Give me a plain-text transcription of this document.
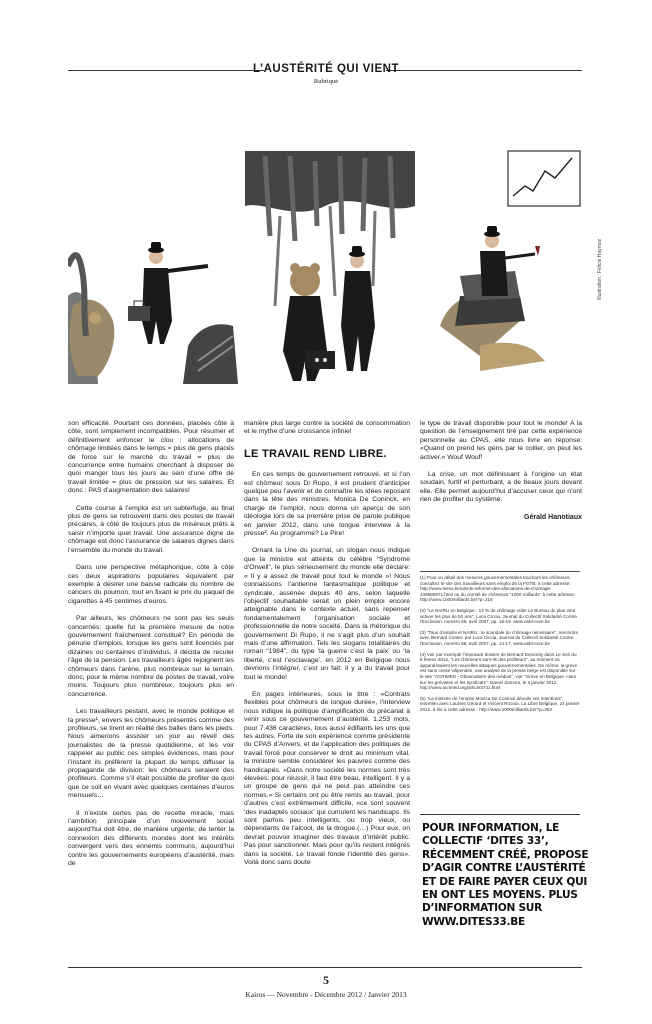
L’AUSTÉRITÉ QUI VIENT
Rubrique
Illustration : Félicie Haymoz

son efficacité. Pourtant ces données, placées côte à côte, sont simplement incompatibles. Pour résumer et définitivement enfoncer le clou : allocations de chômage limitées dans le temps = plus de gens placés de force sur le marché du travail = plus de concurrence entre humains cherchant à disposer de quoi manger tous les jours au sein d’une offre de travail limitée = plus de pression sur les salaires. Et donc : PAS d’augmentation des salaires!

Cette course à l’emploi est un subterfuge, au final plus de gens se retrouvent dans des postes de travail précaires, à côté de toujours plus de miséreux prêts à saisir n’importe quel travail. Une assurance digne de chômage est donc l’assurance de salaires dignes dans l’ensemble du monde du travail.

Dans une perspective métaphorique, côte à côte ces deux aspirations populaires équivalent par exemple à désirer une baisse radicale du nombre de cancers du poumon, tout en fixant le prix du paquet de cigarettes à 45 centimes d’euros.

Par ailleurs, les chômeurs ne sont pas les seuls concernés: quelle fut la première mesure de notre gouvernement fraîchement constitué? En période de pénurie d’emplois, lorsque les gens sont licenciés par dizaines ou centaines d’individus, il décida de reculer l’âge de la pension. Les travailleurs âgés rejoignent les chômeurs dans l’arène, plus nombreux sur le terrain, donc, pour le même nombre de postes de travail, voire moins. Toujours plus nombreux, toujours plus en concurrence.

Les travailleurs pestant, avec le monde politique et la presse¹, envers les chômeurs présentés comme des profiteurs, se tirent en réalité des balles dans les pieds. Nous aimerions assister un jour au réveil des journalistes de la presse quotidienne, et les voir rappeler au public ces simples évidences, mais pour l’instant ils préfèrent la plupart du temps diffuser la propagande de division: les chômeurs seraient des profiteurs. Comme s’il était possible de profiter de quoi que ce soit en vivant avec quelques centaines d’euros mensuels…

Il n’existe certes pas de recette miracle, mais l’ambition principale d’un mouvement social aujourd’hui doit être, de manière urgente, de tenter la connexion des différents mondes dont les intérêts convergent vers des ennemis communs, aujourd’hui contre les gouvernements européens d’austérité, mais de

manière plus large contre la société de consommation et le mythe d’une croissance infinie!

LE TRAVAIL REND LIBRE.

En ces temps de gouvernement retrouvé, et si l’on est chômeur sous Di Rupo, il est prudent d’anticiper quelque peu l’avenir et de connaître les idées reposant dans la tête des ministres. Monica De Coninck, en charge de l’emploi, nous donna un aperçu de son idéologie lors de sa première prise de parole publique en janvier 2012, dans une longue interview à la presse². Au programme? Le Pire!

Ornant la Une du journal, un slogan nous indique que la ministre est atteinte du célèbre “Syndrome d’Orwell”, le plus sérieusement du monde elle déclare: « Il y a assez de travail pour tout le monde »! Nous connaissons l’antienne fantasmatique politique et syndicale, assénée depuis 40 ans, selon laquelle l’objectif souhaitable serait un plein emploi encore atteignable dans le contexte actuel, sans repenser fondamentalement l’organisation sociale et professionnelle de notre société. Dans la rhétorique du gouvernement Di Rupo, il ne s’agit plus d’un souhait mais d’une affirmation. Tels les slogans totalitaires du roman “1984”, du type ‘la guerre c’est la paix’ ou ‘la liberté, c’est l’esclavage’, en 2012 en Belgique nous devrions l’intégrer, c’est un fait: il y a du travail pour tout le monde!

En pages intérieures, sous le titre : «Contrats flexibles pour chômeurs de longue durée», l’interview nous indique la politique d’amplification du précariat à venir sous ce gouvernement d’austérité. 1.253 mots, pour 7.436 caractères, tous aussi édifiants les uns que les autres. Forte de son expérience comme présidente du CPAS d’Anvers, et de l’application des politiques de travail forcé pour conserver le droit au minimum vital, la ministre semble considérer les pauvres comme des handicapés. «Dans notre société les normes sont très élevées: pour réussir, il faut être beau, intelligent. Il y a un groupe de gens qui ne peut pas atteindre ces normes.» Si certains ont pu être remis au travail, pour d’autres c’est extrêmement difficile, «ce sont souvent ‘des inadaptés sociaux’ qui cumulent les handicaps. Ils sont parfois peu intelligents, ou trop vieux, ou dépendants de l’alcool, de la drogue.(…) Pour eux, on devrait pouvoir imaginer des travaux d’intérêt public. Pas pour sanctionner. Mais pour qu’ils restent intégrés dans la société. Le travail fonde l’identité des gens». Voilà donc sans doute

le type de travail disponible pour tout le monde! A la question de l’enseignement tiré par cette expérience personnelle au CPAS, elle nous livre en réponse: «Quand on prend les gens par le collier, on peut les activer.» Wouf Wouf!

La crise, un mot définissant à l’origine un état soudain, furtif et perturbant, a de beaux jours devant elle. Elle permet aujourd’hui d’accuser ceux qui n’ont rien de profiter du système.

Gérald Hanotiaux

(1) Pour un détail des mesures gouvernementales touchant les chômeurs, consultez le site des travailleurs sans emploi de la FGTB, à cette adresse: http://www.tsesu.be/article-reforme-des-allocations-de-chomage-106986871.html ou du comité de chômeurs "1000 milliards" à cette adresse: http://www.1000milliards.be/?p=316

(2) "Le NAIRU en Belgique : 13 % de chômage utile! Le Bureau du plan veut activer les plus de 50 ans", Luca Ciccia, Journal du Collectif Solidarité Contre l’Exclusion, numéro 58, avril 2007, pp. 18-19. www.asbl-csce.be

(3) "Taux d’emploi et NAIRU : le scandale du chômage nécessaire", rencontre avec Bernard Conter, par Luca Ciccia, Journal du Collectif Solidarité Contre l’Exclusion, numéro 58, avril 2007, pp. 14-17. www.asbl-csce.be

(4) Voir par exemple l’imposant dossier de Bernard Demonty dans Le Soir du 6 février 2012, "Les chômeurs sont-ils des profiteurs", au moment où apparaissaient les nouvelles attaques gouvernementales. De même, la grève est sans cesse vilipendée, une analyse de la presse belge est disponible sur le site "ACRIMED - Observatoire des médias", voir "Grève en Belgique. Haro sur les grévistes et les syndicats", Daniel Zamora, le 3 janvier 2012. http://www.acrimed.org/article3741.html

(5) "La ministre de l’emploi Monica De Coninck dévoile ses intentions", entretien avec Laurent Gérard et Vincent Rocour, La Libre Belgique, 24 janvier 2012, à lire à cette adresse : http://www.1000milliards.be/?p=363

POUR INFORMATION, LE COLLECTIF ‘DITES 33’, RÉCEMMENT CRÉÉ, PROPOSE D’AGIR CONTRE L’AUSTÉRITÉ ET DE FAIRE PAYER CEUX QUI EN ONT LES MOYENS. PLUS D’INFORMATION SUR WWW.DITES33.BE
5
Kairos — Novembre - Décembre 2012 / Janvier 2013
